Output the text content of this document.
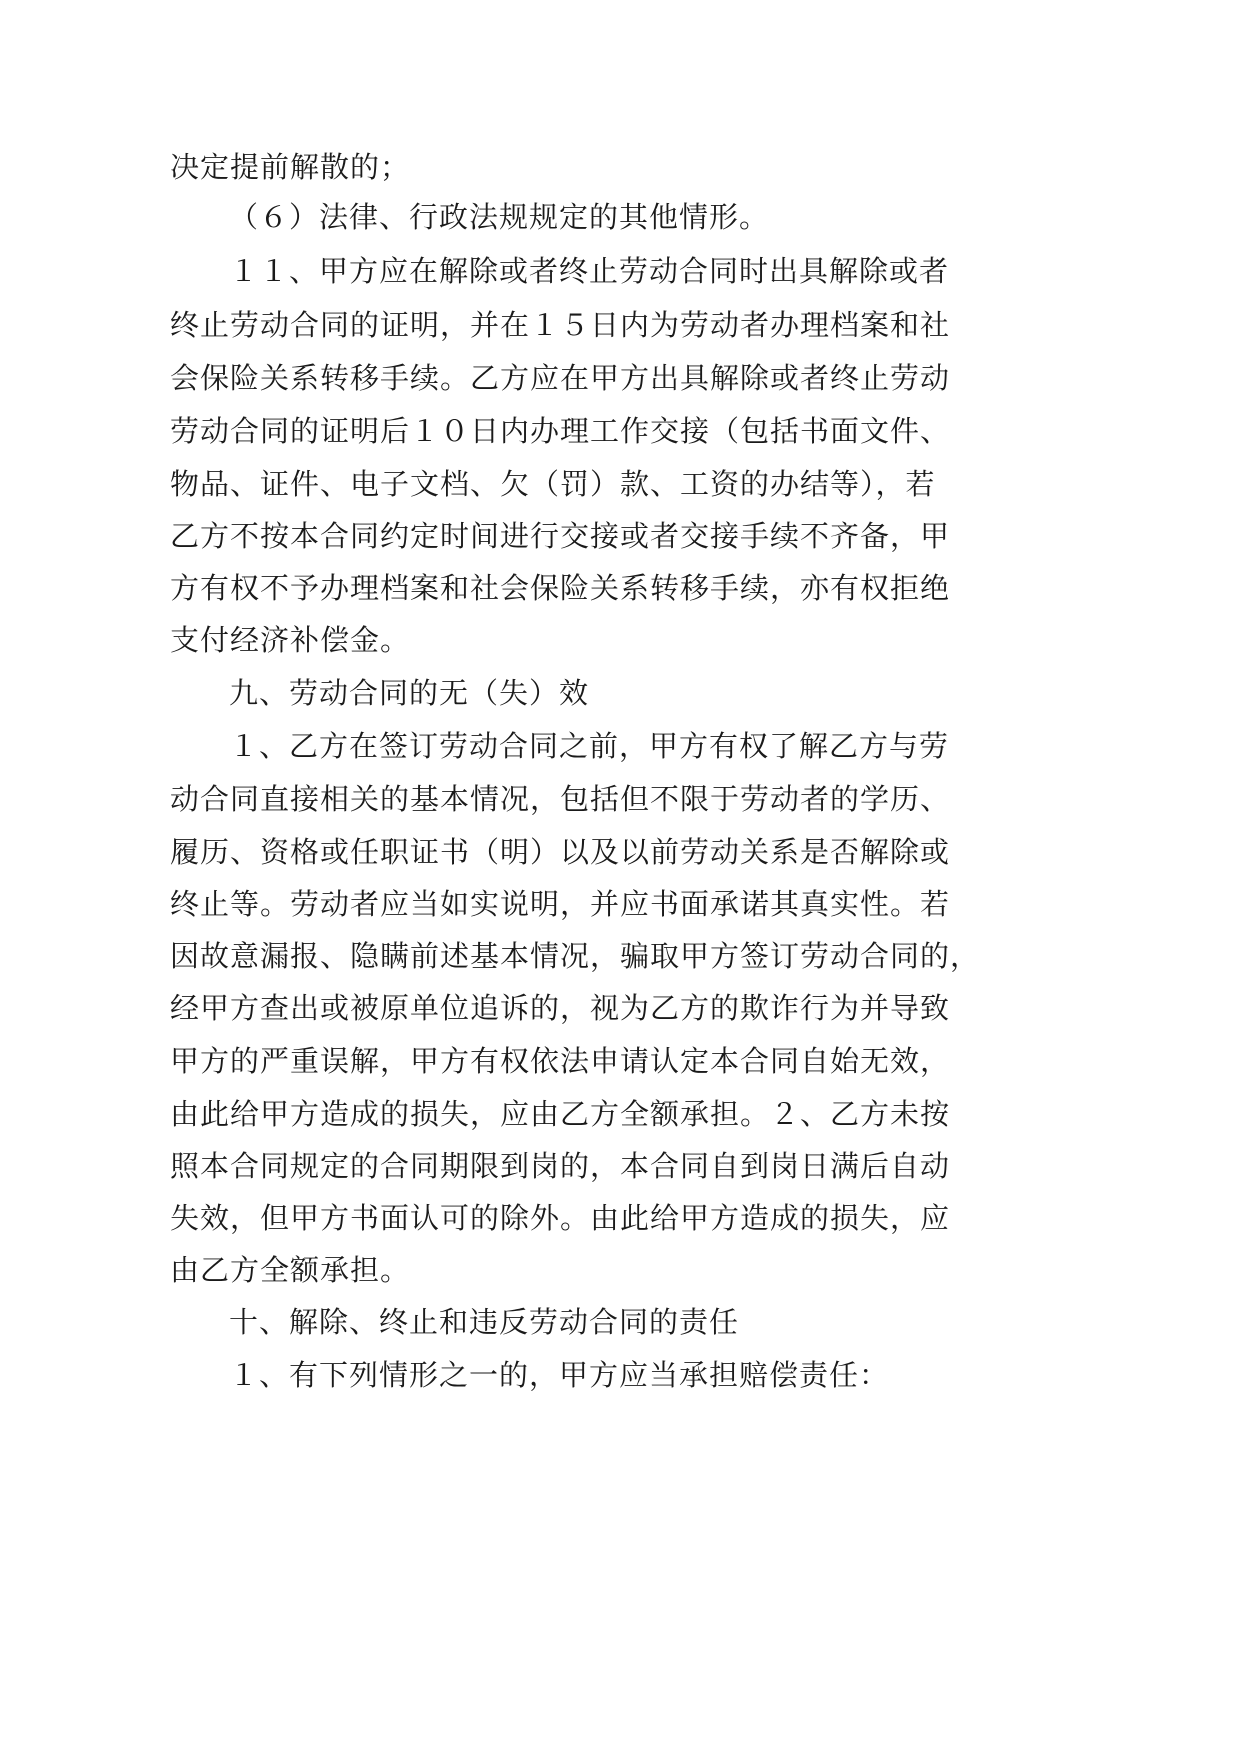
决定提前解散的；
（６）法律、行政法规规定的其他情形。
１１、甲方应在解除或者终止劳动合同时出具解除或者
终止劳动合同的证明，并在１５日内为劳动者办理档案和社
会保险关系转移手续。乙方应在甲方出具解除或者终止劳动
劳动合同的证明后１０日内办理工作交接（包括书面文件、
物品、证件、电子文档、欠（罚）款、工资的办结等），若
乙方不按本合同约定时间进行交接或者交接手续不齐备，甲
方有权不予办理档案和社会保险关系转移手续，亦有权拒绝
支付经济补偿金。
九、劳动合同的无（失）效
１、乙方在签订劳动合同之前，甲方有权了解乙方与劳
动合同直接相关的基本情况，包括但不限于劳动者的学历、
履历、资格或任职证书（明）以及以前劳动关系是否解除或
终止等。劳动者应当如实说明，并应书面承诺其真实性。若
因故意漏报、隐瞒前述基本情况，骗取甲方签订劳动合同的，
经甲方查出或被原单位追诉的，视为乙方的欺诈行为并导致
甲方的严重误解，甲方有权依法申请认定本合同自始无效，
由此给甲方造成的损失，应由乙方全额承担。２、乙方未按
照本合同规定的合同期限到岗的，本合同自到岗日满后自动
失效，但甲方书面认可的除外。由此给甲方造成的损失，应
由乙方全额承担。
十、解除、终止和违反劳动合同的责任
１、有下列情形之一的，甲方应当承担赔偿责任：
